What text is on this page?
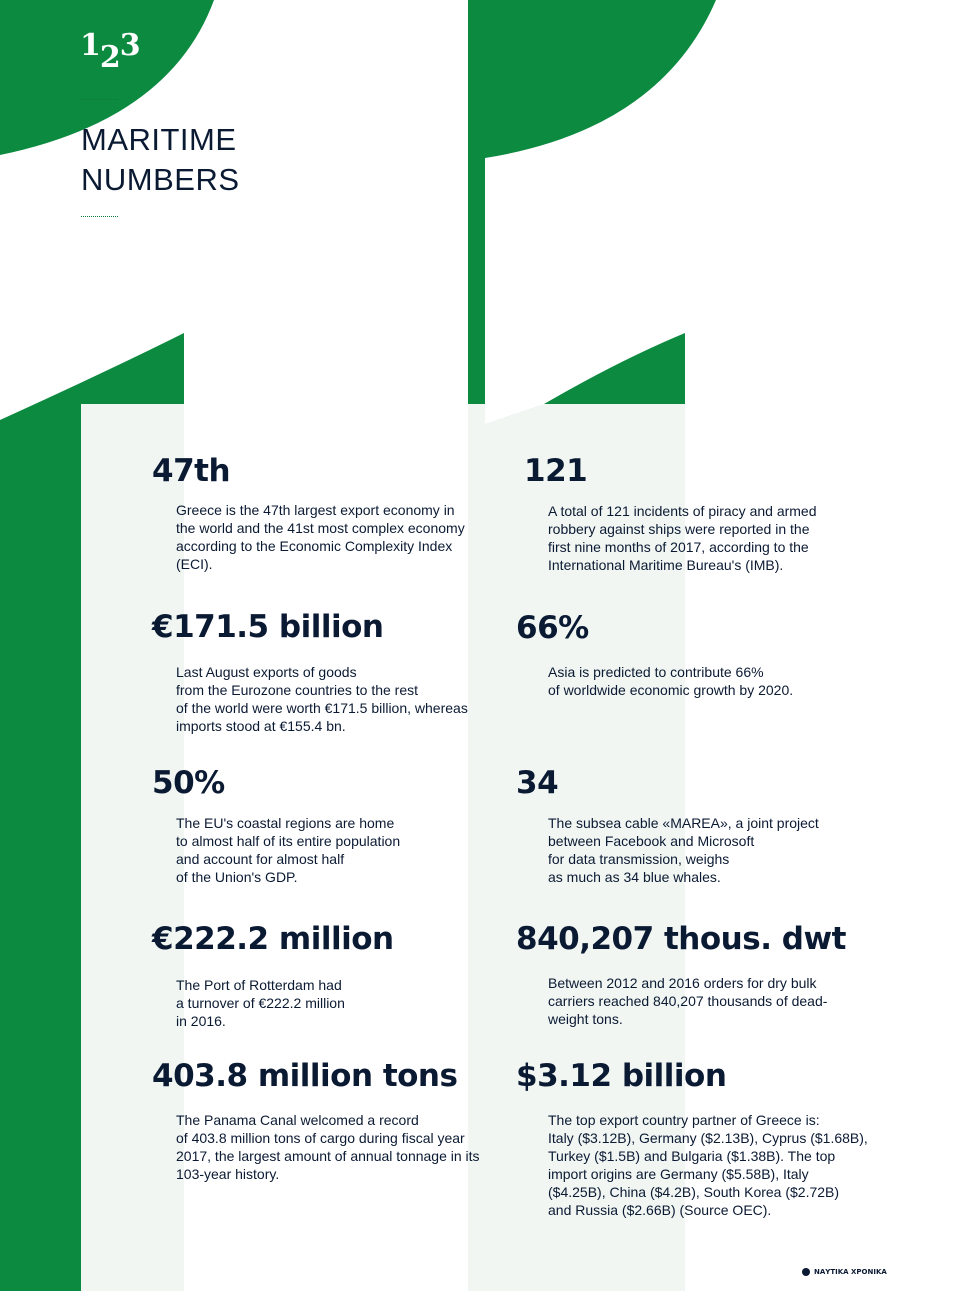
123
MARITIME
NUMBERS

47th

Greece is the 47th largest export economy in
the world and the 41st most complex economy
according to the Economic Complexity Index
(ECI).

€171.5 billion

Last August exports of goods
from the Eurozone countries to the rest
of the world were worth €171.5 billion, whereas
imports stood at €155.4 bn.

50%

The EU's coastal regions are home
to almost half of its entire population
and account for almost half
of the Union's GDP.

€222.2 million

The Port of Rotterdam had
a turnover of €222.2 million
in 2016.

403.8 million tons

The Panama Canal welcomed a record
of 403.8 million tons of cargo during fiscal year
2017, the largest amount of annual tonnage in its
103-year history.

121

A total of 121 incidents of piracy and armed
robbery against ships were reported in the
first nine months of 2017, according to the
International Maritime Bureau's (IMB).

66%

Asia is predicted to contribute 66%
of worldwide economic growth by 2020.

34

The subsea cable «MAREA», a joint project
between Facebook and Microsoft
for data transmission, weighs
as much as 34 blue whales.

840,207 thous. dwt

Between 2012 and 2016 orders for dry bulk
carriers reached 840,207 thousands of dead-
weight tons.

$3.12 billion

The top export country partner of Greece is:
Italy ($3.12B), Germany ($2.13B), Cyprus ($1.68B),
Turkey ($1.5B) and Bulgaria ($1.38B). The top
import origins are Germany ($5.58B), Italy
($4.25B), China ($4.2B), South Korea ($2.72B)
and Russia ($2.66B) (Source OEC).

ΝΑΥΤΙΚΑ ΧΡΟΝΙΚΑ
